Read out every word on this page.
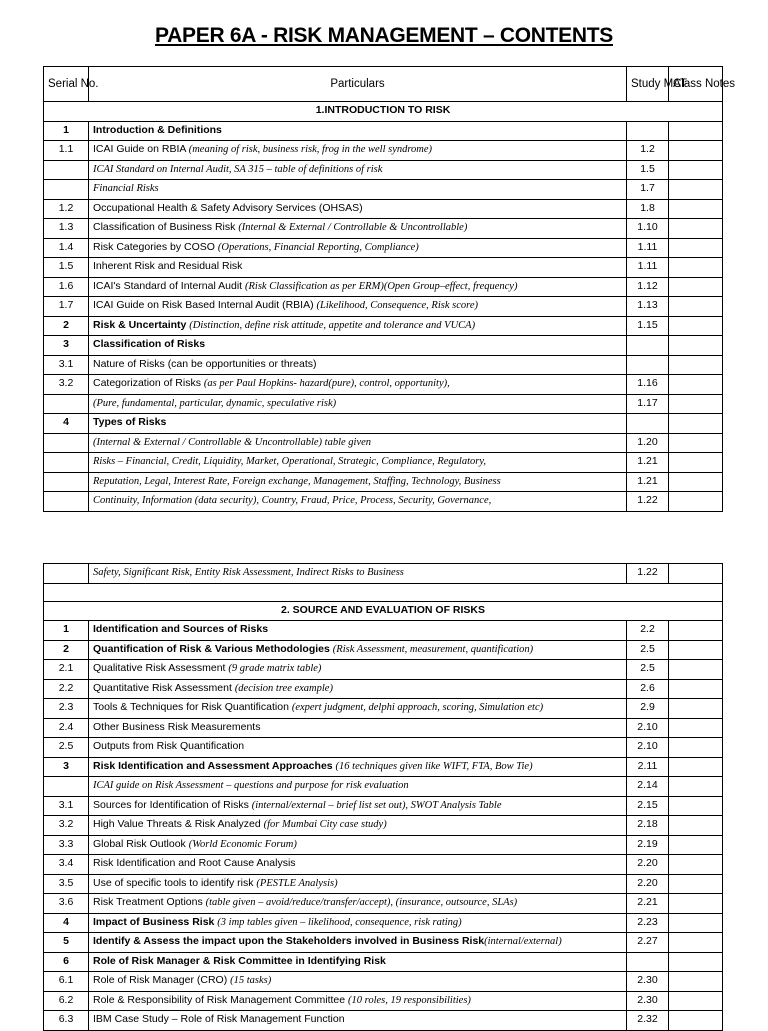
PAPER 6A - RISK MANAGEMENT – CONTENTS
Serial No.	Particulars	Study MAT	Class Notes
1.INTRODUCTION TO RISK			
1	Introduction & Definitions		
1.1	ICAI Guide on RBIA (meaning of risk, business risk, frog in the well syndrome)	1.2	
	ICAI Standard on Internal Audit, SA 315 – table of definitions of risk	1.5	
	Financial Risks	1.7	
1.2	Occupational Health & Safety Advisory Services (OHSAS)	1.8	
1.3	Classification of Business Risk (Internal & External / Controllable & Uncontrollable)	1.10	
1.4	Risk Categories by COSO (Operations, Financial Reporting, Compliance)	1.11	
1.5	Inherent Risk and Residual Risk	1.11	
1.6	ICAI's Standard of Internal Audit (Risk Classification as per ERM)(Open Group–effect, frequency)	1.12	
1.7	ICAI Guide on Risk Based Internal Audit (RBIA) (Likelihood, Consequence, Risk score)	1.13	
2	Risk & Uncertainty (Distinction, define risk attitude, appetite and tolerance and VUCA)	1.15	
3	Classification of Risks		
3.1	Nature of Risks (can be opportunities or threats)		
3.2	Categorization of Risks (as per Paul Hopkins- hazard(pure), control, opportunity),	1.16	
	(Pure, fundamental, particular, dynamic, speculative risk)	1.17	
4	Types of Risks		
	(Internal & External / Controllable & Uncontrollable) table given	1.20	
	Risks – Financial, Credit, Liquidity, Market, Operational, Strategic, Compliance, Regulatory,	1.21	
	Reputation, Legal, Interest Rate, Foreign exchange, Management, Staffing, Technology, Business	1.21	
	Continuity, Information (data security), Country, Fraud, Price, Process, Security, Governance,	1.22	
	Safety, Significant Risk, Entity Risk Assessment, Indirect Risks to Business	1.22	

2. SOURCE AND EVALUATION OF RISKS			
1	Identification and Sources of Risks	2.2	
2	Quantification of Risk & Various Methodologies (Risk Assessment, measurement, quantification)	2.5	
2.1	Qualitative Risk Assessment (9 grade matrix table)	2.5	
2.2	Quantitative Risk Assessment (decision tree example)	2.6	
2.3	Tools & Techniques for Risk Quantification (expert judgment, delphi approach, scoring, Simulation etc)	2.9	
2.4	Other Business Risk Measurements	2.10	
2.5	Outputs from Risk Quantification	2.10	
3	Risk Identification and Assessment Approaches (16 techniques given like WIFT, FTA, Bow Tie)	2.11	
	ICAI guide on Risk Assessment – questions and purpose for risk evaluation	2.14	
3.1	Sources for Identification of Risks (internal/external – brief list set out), SWOT Analysis Table	2.15	
3.2	High Value Threats & Risk Analyzed (for Mumbai City case study)	2.18	
3.3	Global Risk Outlook (World Economic Forum)	2.19	
3.4	Risk Identification and Root Cause Analysis	2.20	
3.5	Use of specific tools to identify risk (PESTLE Analysis)	2.20	
3.6	Risk Treatment Options (table given – avoid/reduce/transfer/accept), (insurance, outsource, SLAs)	2.21	
4	Impact of Business Risk (3 imp tables given – likelihood, consequence, risk rating)	2.23	
5	Identify & Assess the impact upon the Stakeholders involved in Business Risk(internal/external)	2.27	
6	Role of Risk Manager & Risk Committee in Identifying Risk		
6.1	Role of Risk Manager (CRO) (15 tasks)	2.30	
6.2	Role & Responsibility of Risk Management Committee (10 roles, 19 responsibilities)	2.30	
6.3	IBM Case Study – Role of Risk Management Function	2.32	
